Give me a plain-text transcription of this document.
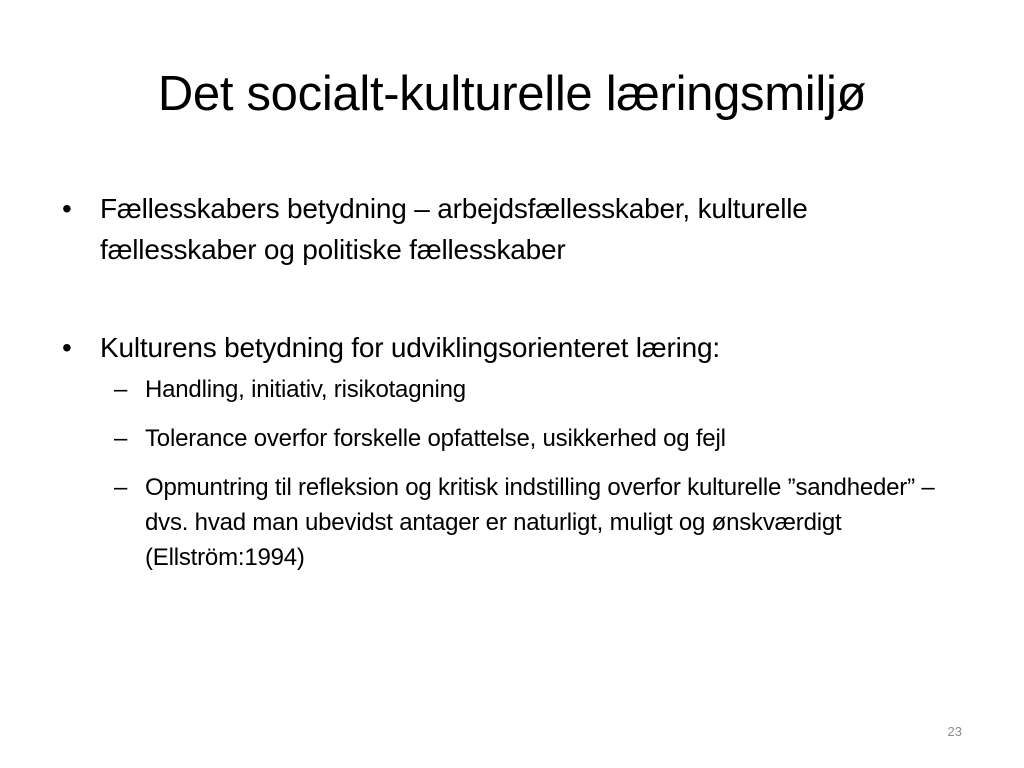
Det socialt-kulturelle læringsmiljø
•	Fællesskabers betydning – arbejdsfællesskaber, kulturelle fællesskaber og politiske fællesskaber
•	Kulturens betydning for udviklingsorienteret læring:
– Handling, initiativ, risikotagning
– Tolerance overfor forskelle opfattelse, usikkerhed og fejl
– Opmuntring til refleksion og kritisk indstilling overfor kulturelle ”sandheder” – dvs. hvad man ubevidst antager er naturligt, muligt og ønskværdigt (Ellström:1994)
23
